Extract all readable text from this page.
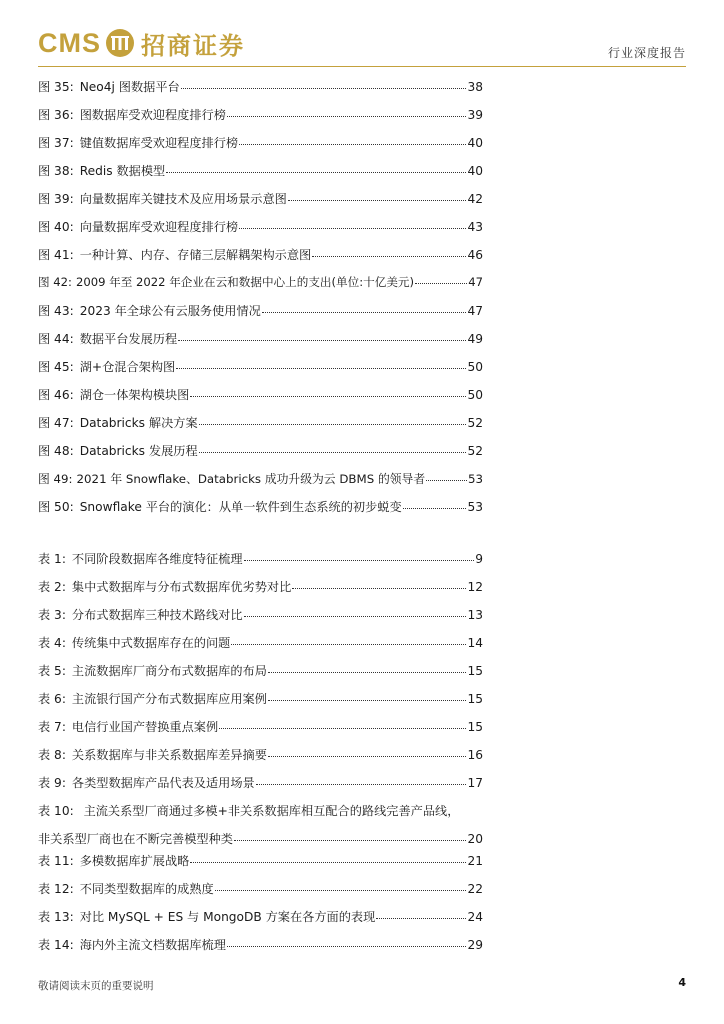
CMS 招商证券	行业深度报告
图 35: Neo4j 图数据平台	38
图 36: 图数据库受欢迎程度排行榜	39
图 37: 键值数据库受欢迎程度排行榜	40
图 38: Redis 数据模型	40
图 39: 向量数据库关键技术及应用场景示意图	42
图 40: 向量数据库受欢迎程度排行榜	43
图 41: 一种计算、内存、存储三层解耦架构示意图	46
图 42: 2009 年至 2022 年企业在云和数据中心上的支出(单位:十亿美元)	47
图 43: 2023 年全球公有云服务使用情况	47
图 44: 数据平台发展历程	49
图 45: 湖+仓混合架构图	50
图 46: 湖仓一体架构模块图	50
图 47: Databricks 解决方案	52
图 48: Databricks 发展历程	52
图 49: 2021 年 Snowflake、Databricks 成功升级为云 DBMS 的领导者	53
图 50: Snowflake 平台的演化：从单一软件到生态系统的初步蜕变	53
表 1: 不同阶段数据库各维度特征梳理	9
表 2: 集中式数据库与分布式数据库优劣势对比	12
表 3: 分布式数据库三种技术路线对比	13
表 4: 传统集中式数据库存在的问题	14
表 5: 主流数据库厂商分布式数据库的布局	15
表 6: 主流银行国产分布式数据库应用案例	15
表 7: 电信行业国产替换重点案例	15
表 8: 关系数据库与非关系数据库差异摘要	16
表 9: 各类型数据库产品代表及适用场景	17
表 10: 主流关系型厂商通过多模+非关系数据库相互配合的路线完善产品线，
非关系型厂商也在不断完善模型种类	20
表 11: 多模数据库扩展战略	21
表 12: 不同类型数据库的成熟度	22
表 13: 对比 MySQL + ES 与 MongoDB 方案在各方面的表现	24
表 14: 海内外主流文档数据库梳理	29
敬请阅读末页的重要说明	4
